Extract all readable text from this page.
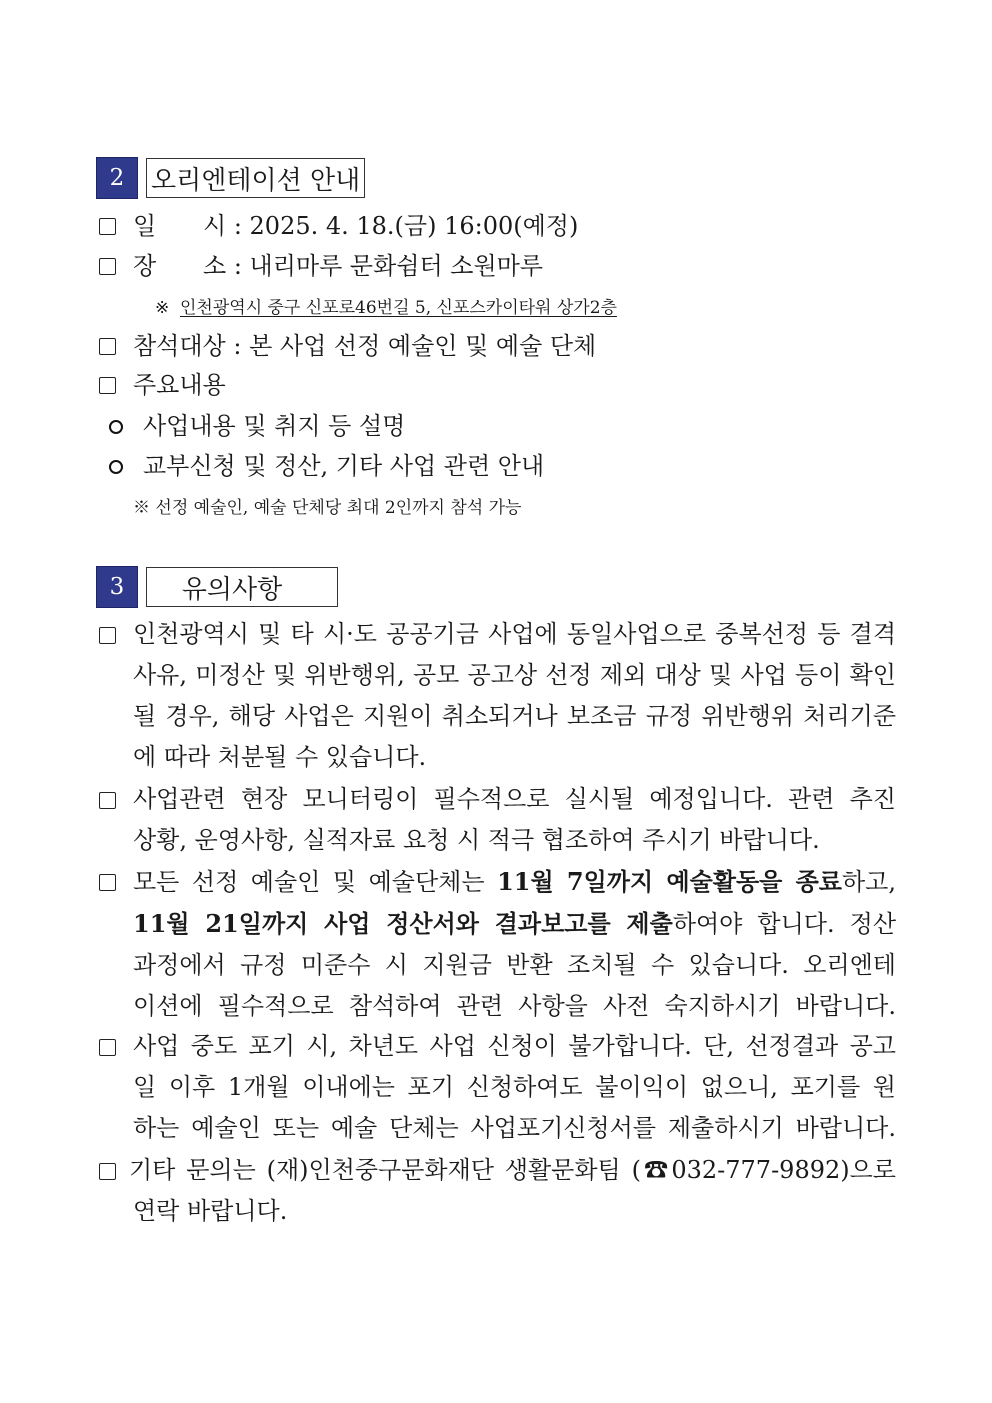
2	오리엔테이션 안내
일 시 : 2025. 4. 18.(금) 16:00(예정)
장 소 : 내리마루 문화쉼터 소원마루
※ 인천광역시 중구 신포로46번길 5, 신포스카이타워 상가2층
참석대상 : 본 사업 선정 예술인 및 예술 단체
주요내용
사업내용 및 취지 등 설명
교부신청 및 정산, 기타 사업 관련 안내
※ 선정 예술인, 예술 단체당 최대 2인까지 참석 가능
3	유의사항
인천광역시 및 타 시·도 공공기금 사업에 동일사업으로 중복선정 등 결격
사유, 미정산 및 위반행위, 공모 공고상 선정 제외 대상 및 사업 등이 확인
될 경우, 해당 사업은 지원이 취소되거나 보조금 규정 위반행위 처리기준
에 따라 처분될 수 있습니다.
사업관련 현장 모니터링이 필수적으로 실시될 예정입니다. 관련 추진
상황, 운영사항, 실적자료 요청 시 적극 협조하여 주시기 바랍니다.
모든 선정 예술인 및 예술단체는 11월 7일까지 예술활동을 종료하고,
11월 21일까지 사업 정산서와 결과보고를 제출하여야 합니다. 정산
과정에서 규정 미준수 시 지원금 반환 조치될 수 있습니다. 오리엔테
이션에 필수적으로 참석하여 관련 사항을 사전 숙지하시기 바랍니다.
사업 중도 포기 시, 차년도 사업 신청이 불가합니다. 단, 선정결과 공고
일 이후 1개월 이내에는 포기 신청하여도 불이익이 없으니, 포기를 원
하는 예술인 또는 예술 단체는 사업포기신청서를 제출하시기 바랍니다.
기타 문의는 (재)인천중구문화재단 생활문화팀 (☎032-777-9892)으로
연락 바랍니다.
